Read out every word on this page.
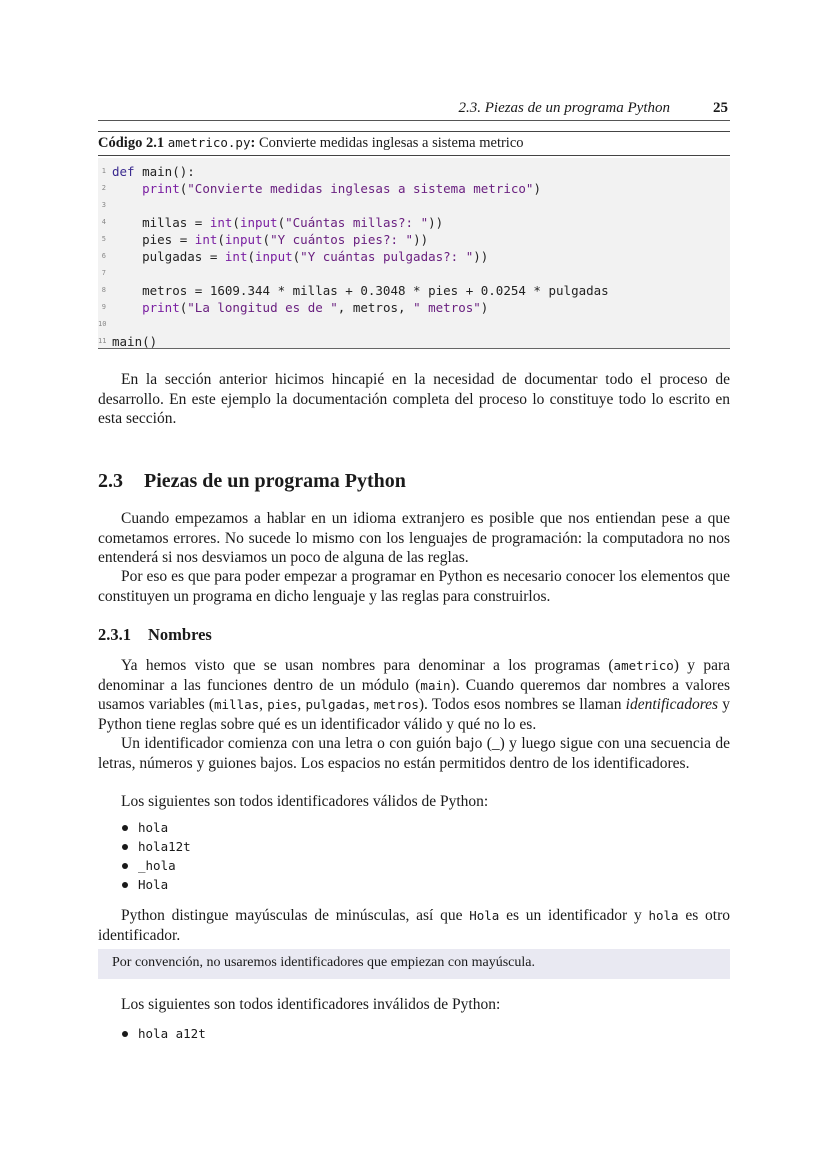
2.3. Piezas de un programa Python	25
Código 2.1 ametrico.py: Convierte medidas inglesas a sistema metrico
1 def main():
2	print("Convierte medidas inglesas a sistema metrico")
3
4    millas = int(input("Cuántas millas?: "))
5    pies = int(input("Y cuántos pies?: "))
6    pulgadas = int(input("Y cuántas pulgadas?: "))
7
8    metros = 1609.344 * millas + 0.3048 * pies + 0.0254 * pulgadas
9	print("La longitud es de ", metros, " metros")
10
11 main()

En la sección anterior hicimos hincapié en la necesidad de documentar todo el proceso de desarrollo. En este ejemplo la documentación completa del proceso lo constituye todo lo escrito en esta sección.

2.3 Piezas de un programa Python

Cuando empezamos a hablar en un idioma extranjero es posible que nos entiendan pese a que cometamos errores. No sucede lo mismo con los lenguajes de programación: la computadora no nos entenderá si nos desviamos un poco de alguna de las reglas.

Por eso es que para poder empezar a programar en Python es necesario conocer los elementos que constituyen un programa en dicho lenguaje y las reglas para construirlos.

2.3.1 Nombres

Ya hemos visto que se usan nombres para denominar a los programas (ametrico) y para denominar a las funciones dentro de un módulo (main). Cuando queremos dar nombres a valores usamos variables (millas, pies, pulgadas, metros). Todos esos nombres se llaman identificadores y Python tiene reglas sobre qué es un identificador válido y qué no lo es.

Un identificador comienza con una letra o con guión bajo (_) y luego sigue con una secuencia de letras, números y guiones bajos. Los espacios no están permitidos dentro de los identificadores.

Los siguientes son todos identificadores válidos de Python:

hola
hola12t
_hola
Hola

Python distingue mayúsculas de minúsculas, así que Hola es un identificador y hola es otro identificador.

Por convención, no usaremos identificadores que empiezan con mayúscula.

Los siguientes son todos identificadores inválidos de Python:

hola a12t
